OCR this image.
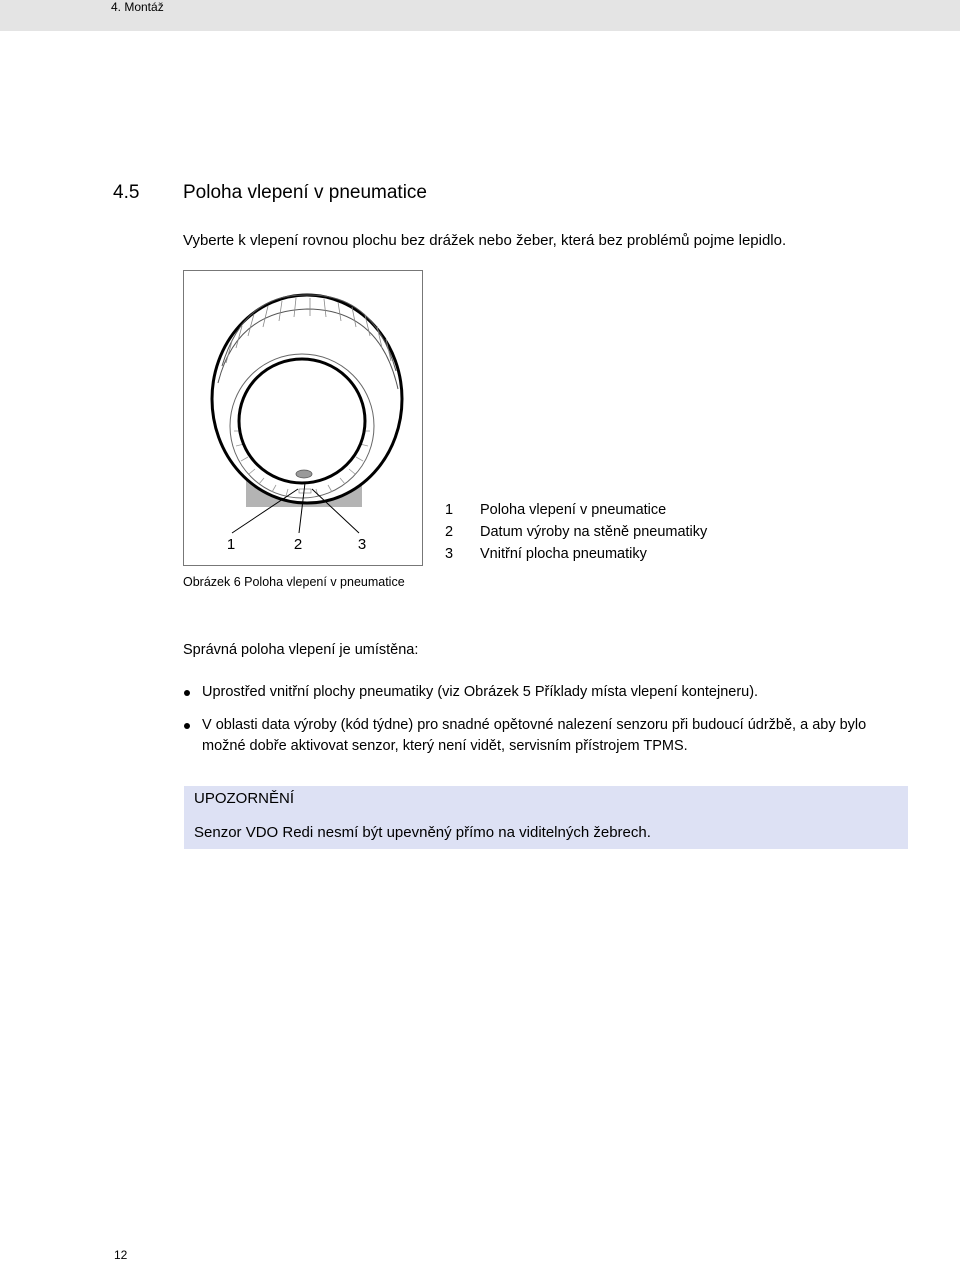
4. Montáž
4.5 Poloha vlepení v pneumatice
Vyberte k vlepení rovnou plochu bez drážek nebo žeber, která bez problémů pojme lepidlo.
1	2	3
1	Poloha vlepení v pneumatice
2	Datum výroby na stěně pneumatiky
3	Vnitřní plocha pneumatiky
Obrázek 6 Poloha vlepení v pneumatice
Správná poloha vlepení je umístěna:
Uprostřed vnitřní plochy pneumatiky (viz Obrázek 5 Příklady místa vlepení kontejneru).
V oblasti data výroby (kód týdne) pro snadné opětovné nalezení senzoru při budoucí údržbě, a aby bylo možné dobře aktivovat senzor, který není vidět, servisním přístrojem TPMS.
UPOZORNĚNÍ
Senzor VDO Redi nesmí být upevněný přímo na viditelných žebrech.
12
